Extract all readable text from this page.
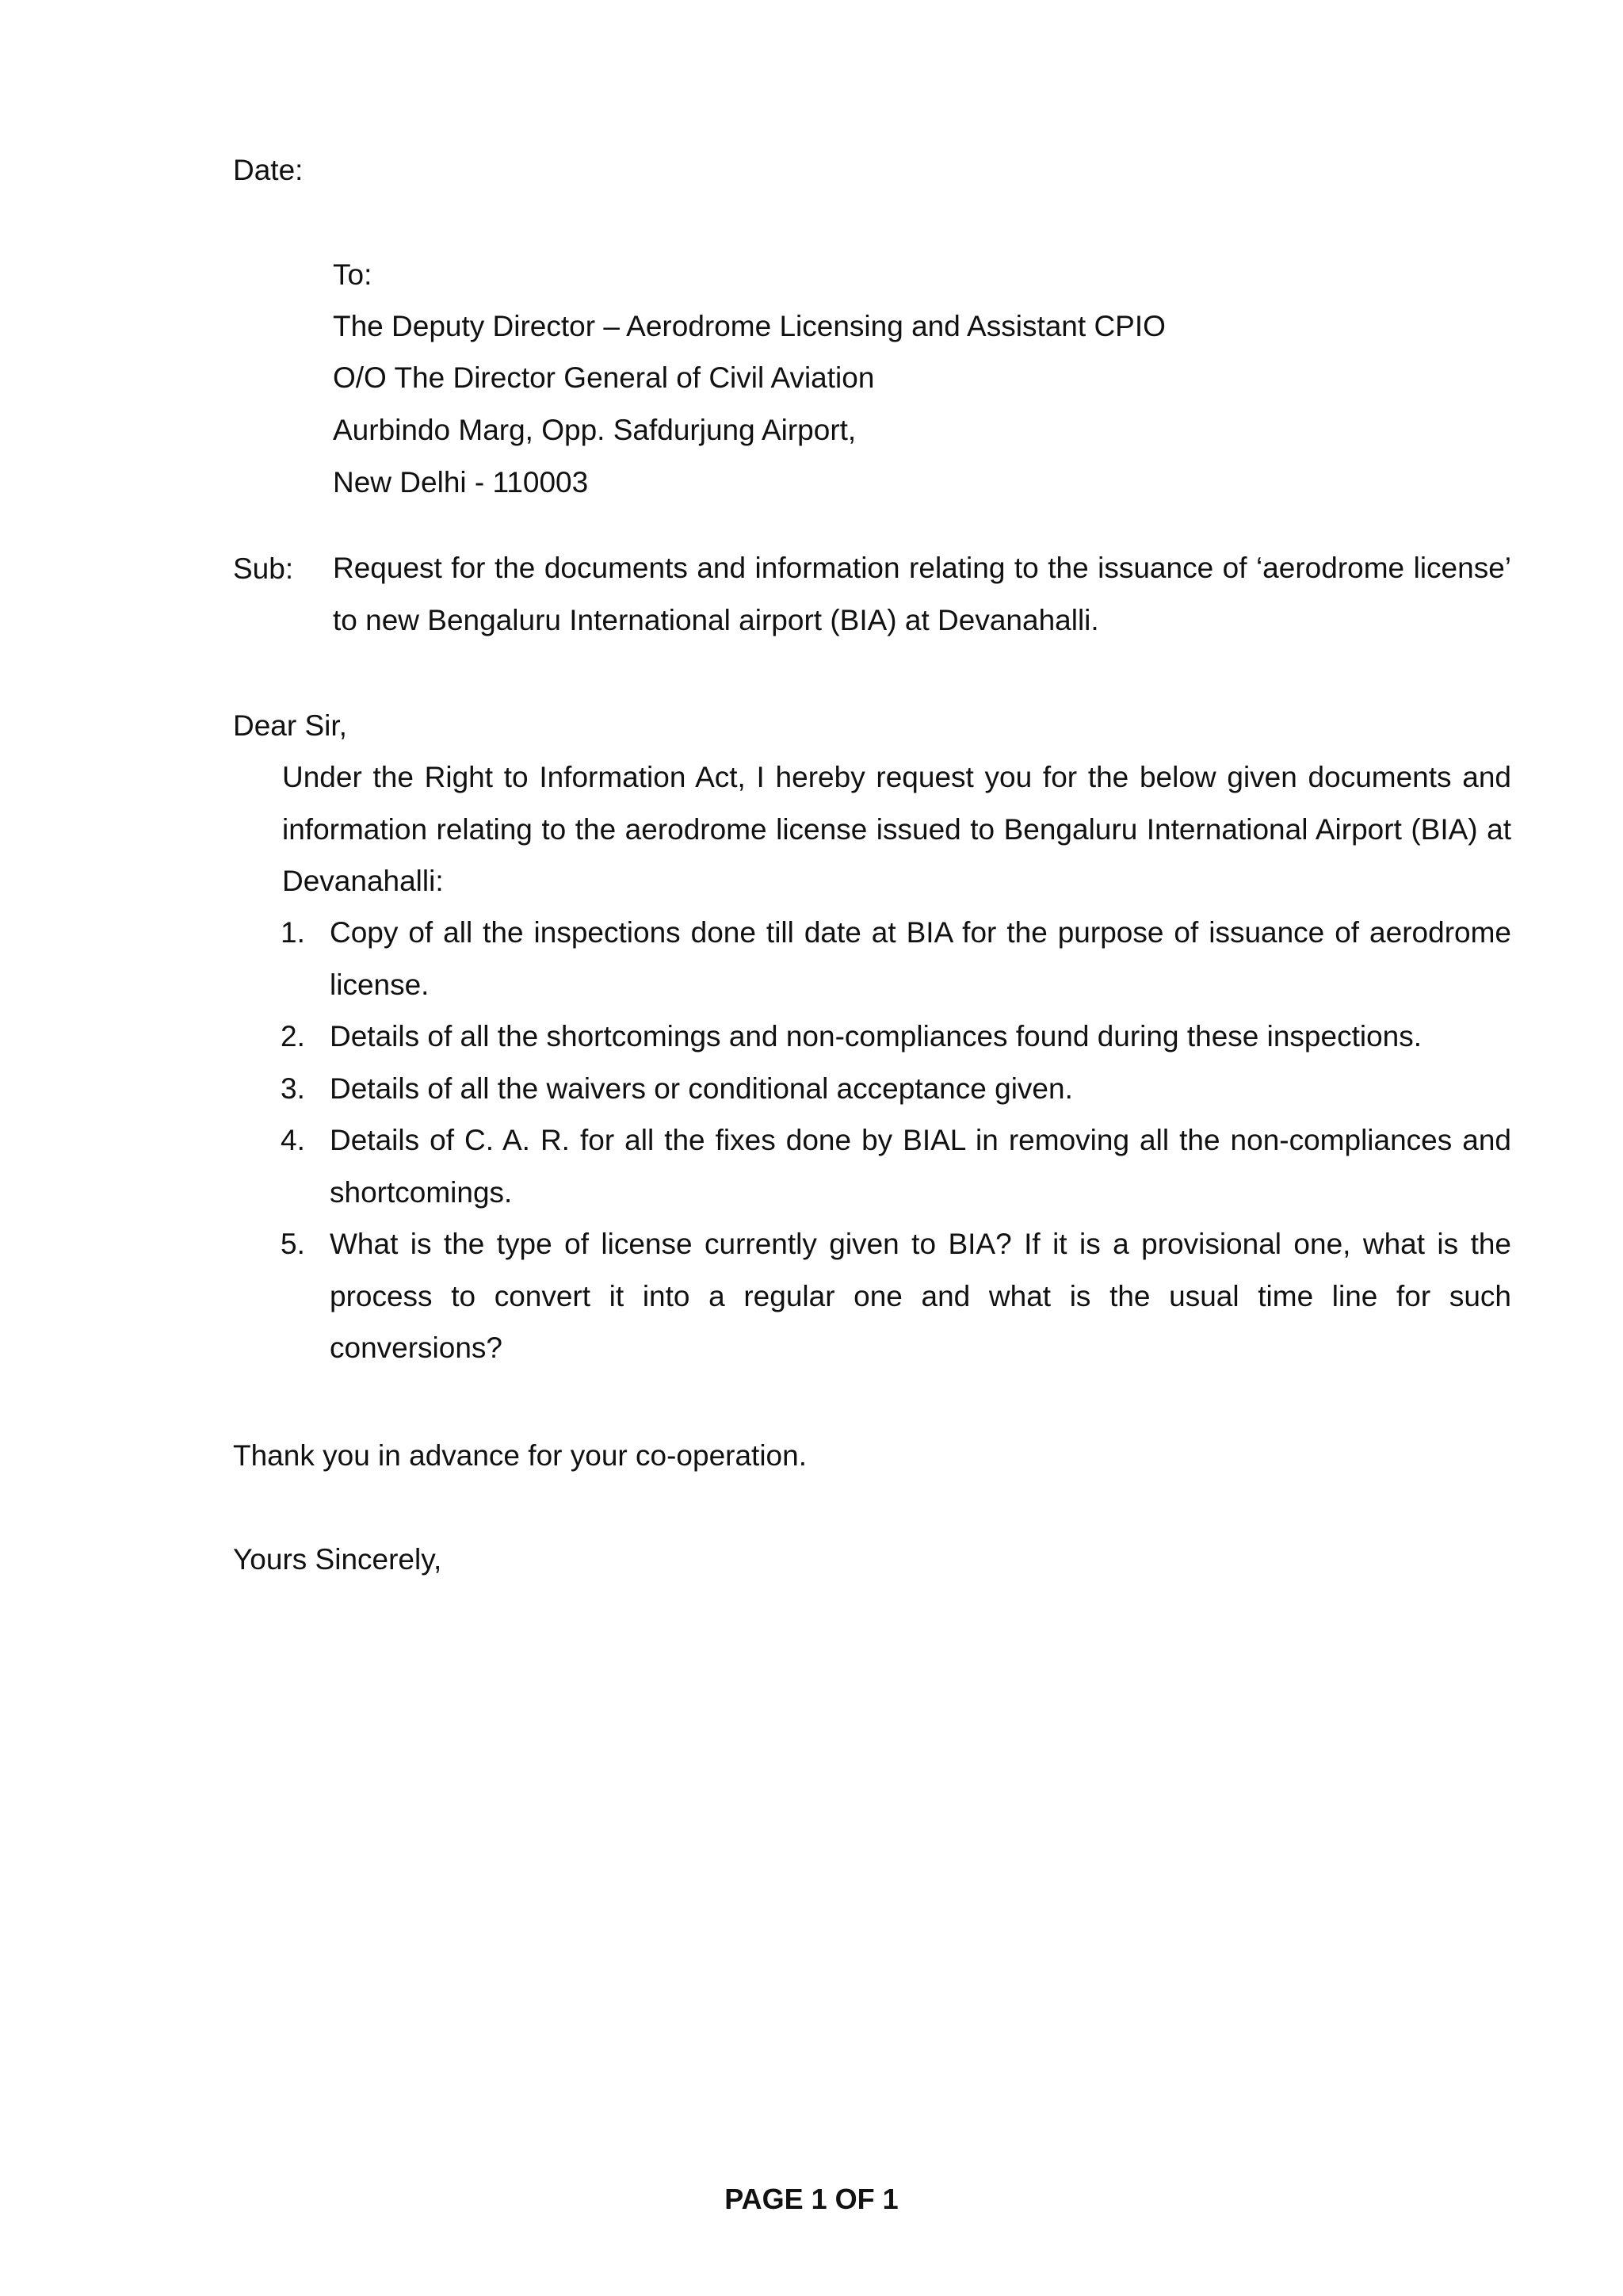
Date:
To:
The Deputy Director – Aerodrome Licensing and Assistant CPIO
O/O The Director General of Civil Aviation
Aurbindo Marg, Opp. Safdurjung Airport,
New Delhi - 110003
Sub: Request for the documents and information relating to the issuance of ‘aerodrome license’ to new Bengaluru International airport (BIA) at Devanahalli.
Dear Sir,
Under the Right to Information Act, I hereby request you for the below given documents and information relating to the aerodrome license issued to Bengaluru International Airport (BIA) at Devanahalli:
1. Copy of all the inspections done till date at BIA for the purpose of issuance of aerodrome license.
2. Details of all the shortcomings and non-compliances found during these inspections.
3. Details of all the waivers or conditional acceptance given.
4. Details of C. A. R. for all the fixes done by BIAL in removing all the non-compliances and shortcomings.
5. What is the type of license currently given to BIA? If it is a provisional one, what is the process to convert it into a regular one and what is the usual time line for such conversions?
Thank you in advance for your co-operation.
Yours Sincerely,
PAGE 1 OF 1
